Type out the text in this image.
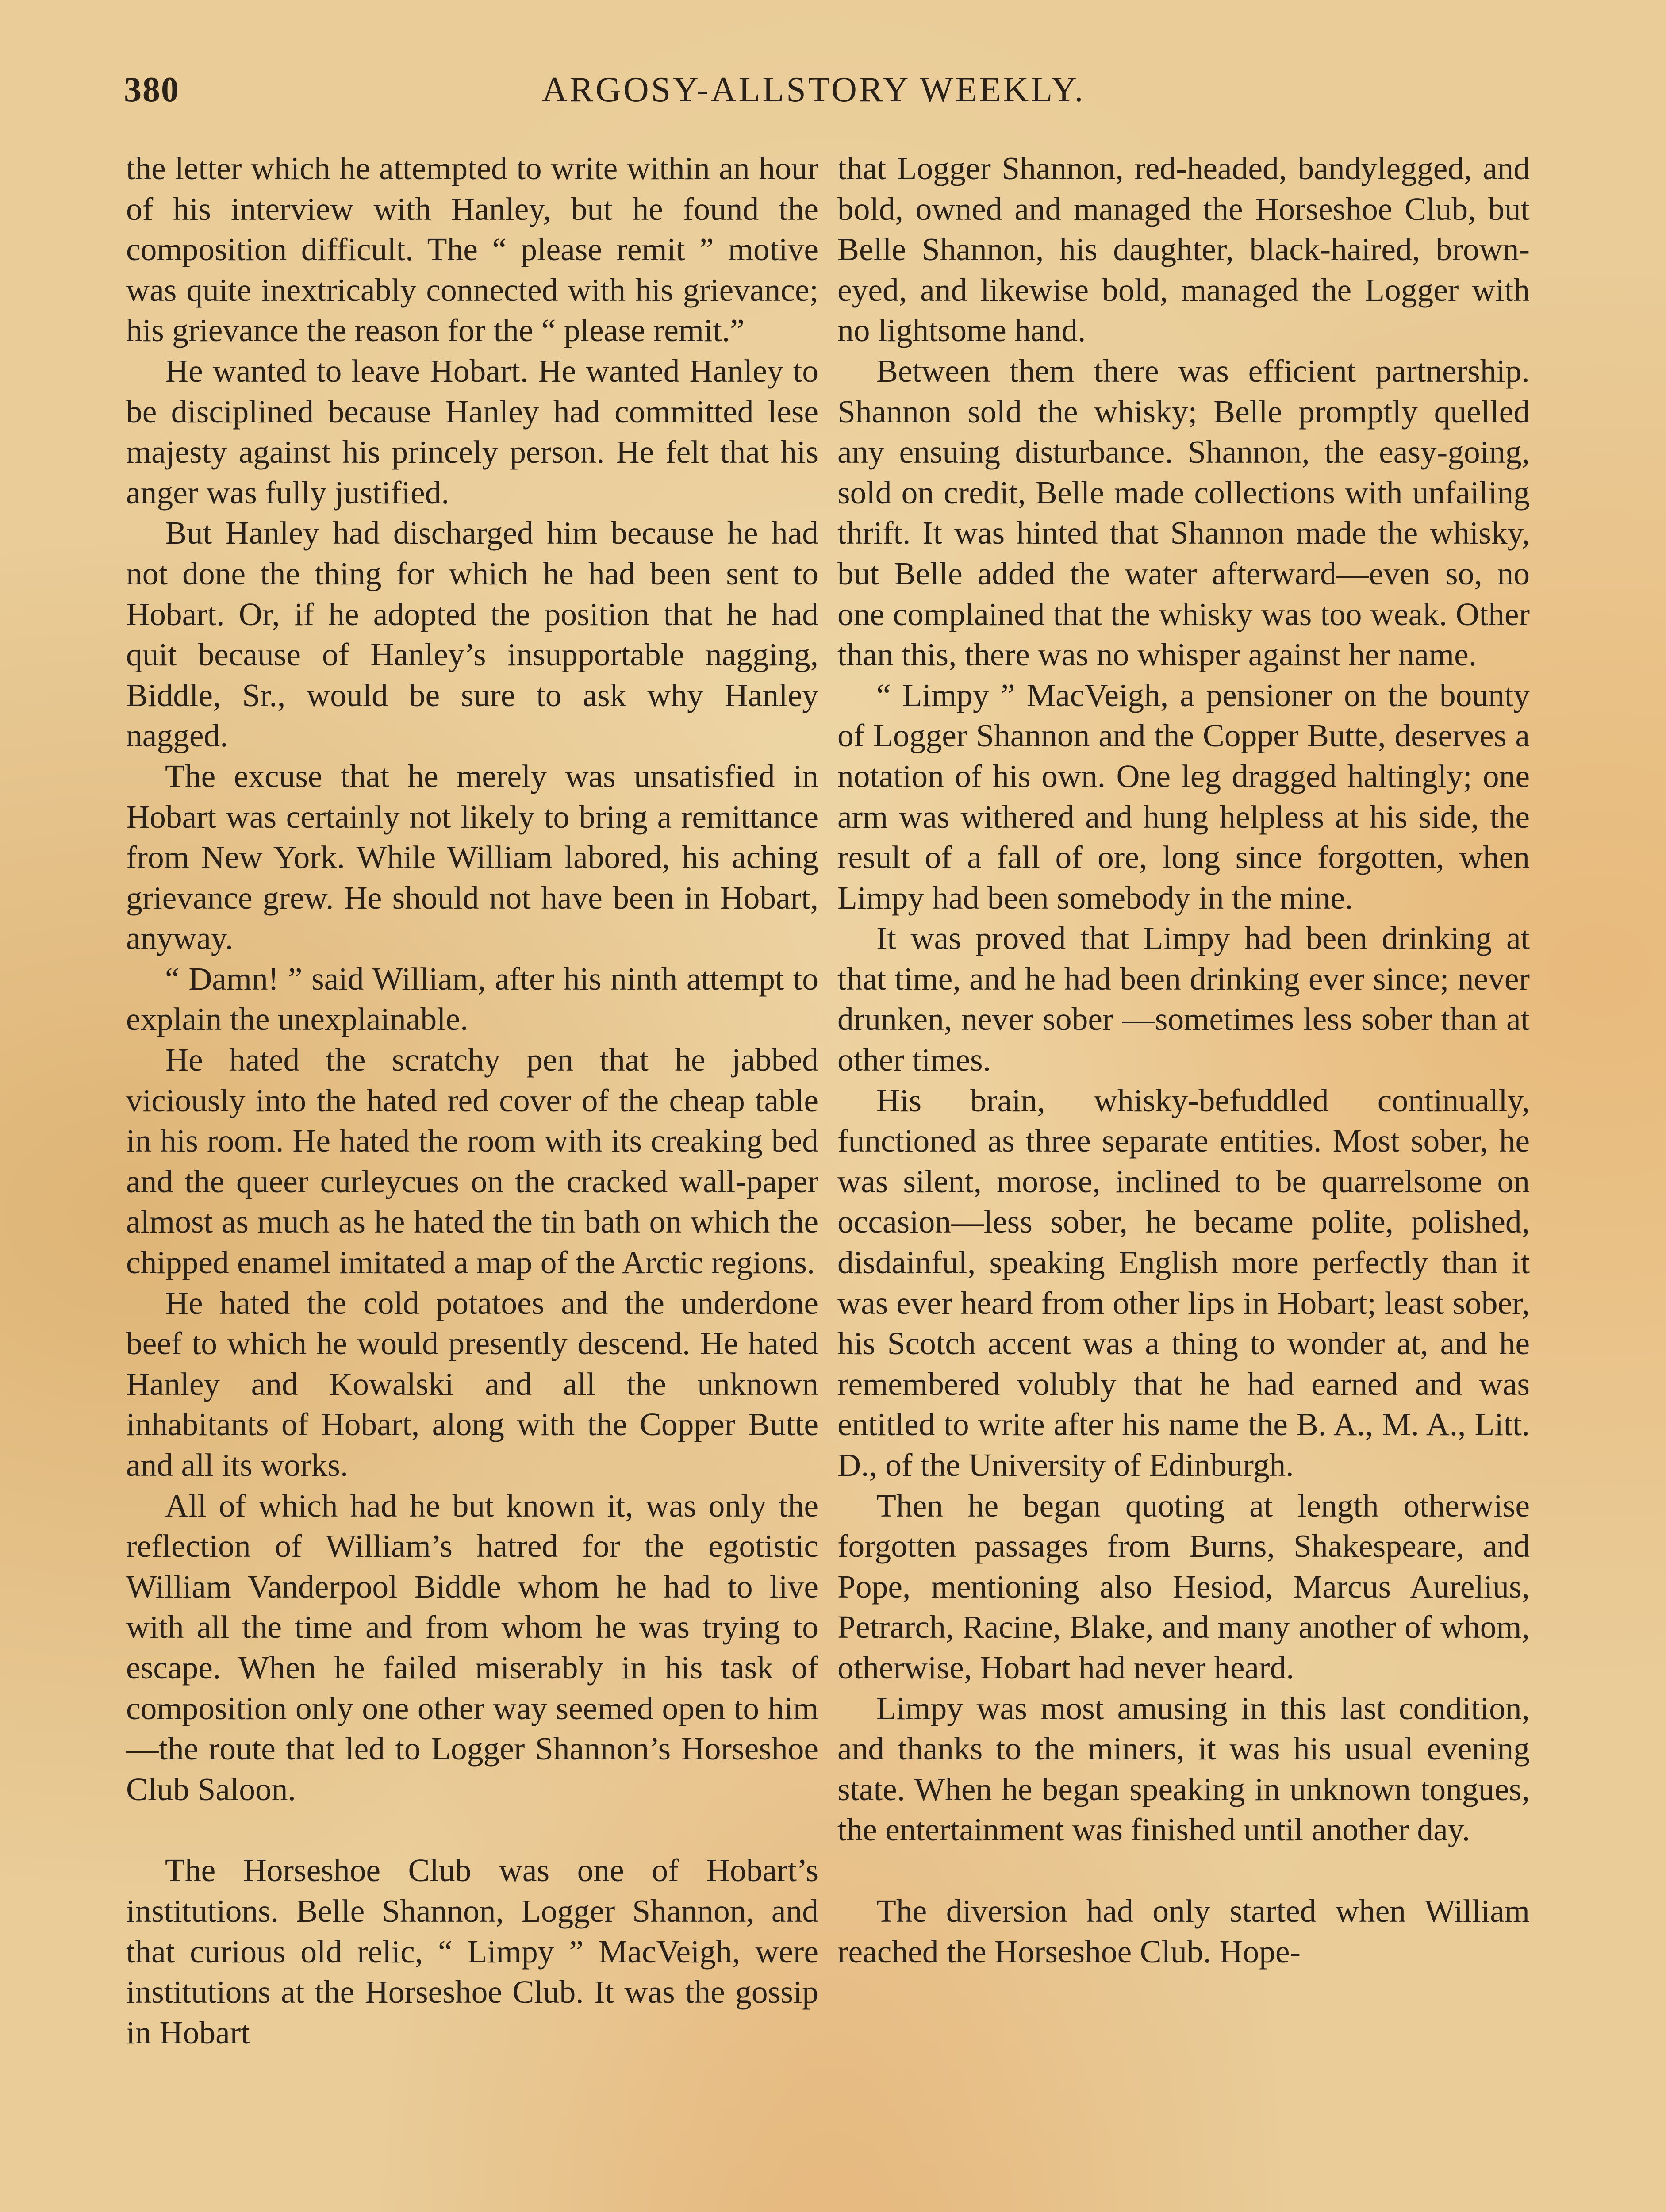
380	ARGOSY-ALLSTORY WEEKLY.

the letter which he attempted to write within an hour of his interview with Hanley, but he found the composition difficult. The “ please remit ” motive was quite inextricably connected with his grievance; his grievance the reason for the “ please remit.”

He wanted to leave Hobart. He wanted Hanley to be disciplined because Hanley had committed lese majesty against his princely person. He felt that his anger was fully justified.

But Hanley had discharged him because he had not done the thing for which he had been sent to Hobart. Or, if he adopted the position that he had quit because of Hanley’s insupportable nagging, Biddle, Sr., would be sure to ask why Hanley nagged.

The excuse that he merely was unsatisfied in Hobart was certainly not likely to bring a remittance from New York. While William labored, his aching grievance grew. He should not have been in Hobart, anyway.

“ Damn! ” said William, after his ninth attempt to explain the unexplainable.

He hated the scratchy pen that he jabbed viciously into the hated red cover of the cheap table in his room. He hated the room with its creaking bed and the queer curleycues on the cracked wall-paper almost as much as he hated the tin bath on which the chipped enamel imitated a map of the Arctic regions.

He hated the cold potatoes and the underdone beef to which he would presently descend. He hated Hanley and Kowalski and all the unknown inhabitants of Hobart, along with the Copper Butte and all its works.

All of which had he but known it, was only the reflection of William’s hatred for the egotistic William Vanderpool Biddle whom he had to live with all the time and from whom he was trying to escape. When he failed miserably in his task of composition only one other way seemed open to him—the route that led to Logger Shannon’s Horseshoe Club Saloon.

The Horseshoe Club was one of Hobart’s institutions. Belle Shannon, Logger Shannon, and that curious old relic, “ Limpy ” MacVeigh, were institutions at the Horseshoe Club. It was the gossip in Hobart

that Logger Shannon, red-headed, bandylegged, and bold, owned and managed the Horseshoe Club, but Belle Shannon, his daughter, black-haired, brown-eyed, and likewise bold, managed the Logger with no lightsome hand.

Between them there was efficient partnership. Shannon sold the whisky; Belle promptly quelled any ensuing disturbance. Shannon, the easy-going, sold on credit, Belle made collections with unfailing thrift. It was hinted that Shannon made the whisky, but Belle added the water afterward—even so, no one complained that the whisky was too weak. Other than this, there was no whisper against her name.

“ Limpy ” MacVeigh, a pensioner on the bounty of Logger Shannon and the Copper Butte, deserves a notation of his own. One leg dragged haltingly; one arm was withered and hung helpless at his side, the result of a fall of ore, long since forgotten, when Limpy had been somebody in the mine.

It was proved that Limpy had been drinking at that time, and he had been drinking ever since; never drunken, never sober —sometimes less sober than at other times.

His brain, whisky-befuddled continually, functioned as three separate entities. Most sober, he was silent, morose, inclined to be quarrelsome on occasion—less sober, he became polite, polished, disdainful, speaking English more perfectly than it was ever heard from other lips in Hobart; least sober, his Scotch accent was a thing to wonder at, and he remembered volubly that he had earned and was entitled to write after his name the B. A., M. A., Litt. D., of the University of Edinburgh.

Then he began quoting at length otherwise forgotten passages from Burns, Shakespeare, and Pope, mentioning also Hesiod, Marcus Aurelius, Petrarch, Racine, Blake, and many another of whom, otherwise, Hobart had never heard.

Limpy was most amusing in this last condition, and thanks to the miners, it was his usual evening state. When he began speaking in unknown tongues, the entertainment was finished until another day.

The diversion had only started when William reached the Horseshoe Club. Hope-
